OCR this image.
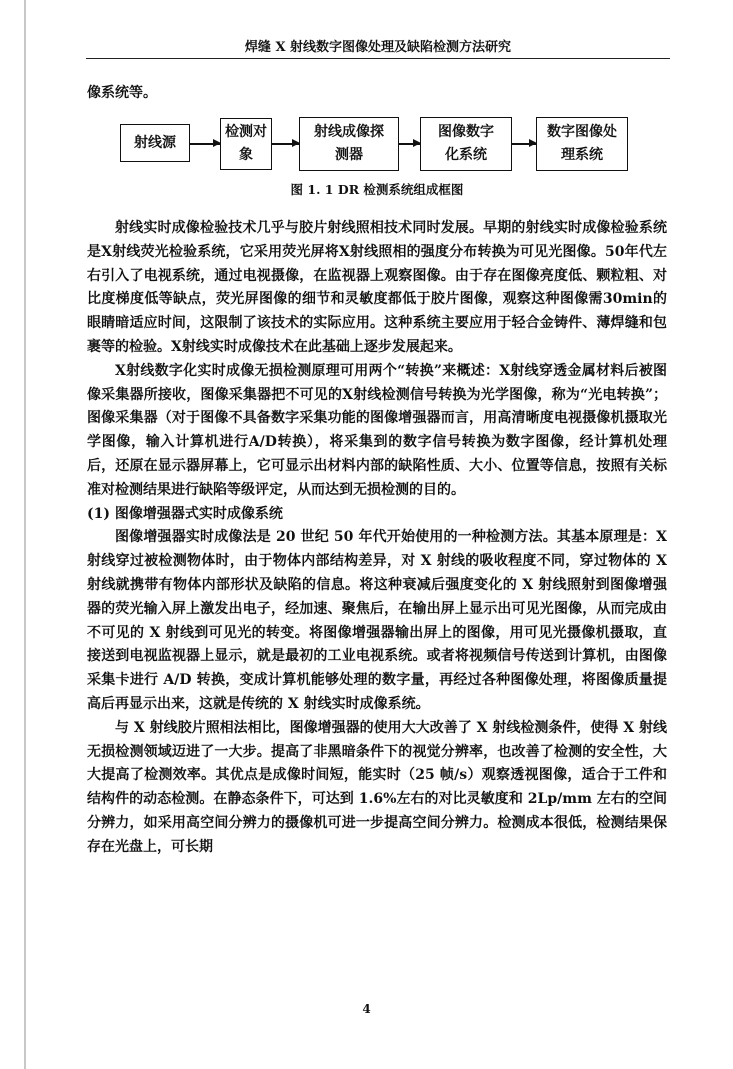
焊缝 X 射线数字图像处理及缺陷检测方法研究

像系统等。

射线源
检测对象
射线成像探测器
图像数字化系统
数字图像处理系统
图 1. 1 DR 检测系统组成框图

射线实时成像检验技术几乎与胶片射线照相技术同时发展。早期的射线实时成像检验系统是X射线荧光检验系统，它采用荧光屏将X射线照相的强度分布转换为可见光图像。50年代左右引入了电视系统，通过电视摄像，在监视器上观察图像。由于存在图像亮度低、颗粒粗、对比度梯度低等缺点，荧光屏图像的细节和灵敏度都低于胶片图像，观察这种图像需30min的眼睛暗适应时间，这限制了该技术的实际应用。这种系统主要应用于轻合金铸件、薄焊缝和包裹等的检验。X射线实时成像技术在此基础上逐步发展起来。

X射线数字化实时成像无损检测原理可用两个“转换”来概述：X射线穿透金属材料后被图像采集器所接收，图像采集器把不可见的X射线检测信号转换为光学图像，称为“光电转换”；图像采集器（对于图像不具备数字采集功能的图像增强器而言，用高清晰度电视摄像机摄取光学图像，输入计算机进行A/D转换），将采集到的数字信号转换为数字图像，经计算机处理后，还原在显示器屏幕上，它可显示出材料内部的缺陷性质、大小、位置等信息，按照有关标准对检测结果进行缺陷等级评定，从而达到无损检测的目的。

(1) 图像增强器式实时成像系统

图像增强器实时成像法是 20 世纪 50 年代开始使用的一种检测方法。其基本原理是：X 射线穿过被检测物体时，由于物体内部结构差异，对 X 射线的吸收程度不同，穿过物体的 X 射线就携带有物体内部形状及缺陷的信息。将这种衰减后强度变化的 X 射线照射到图像增强器的荧光输入屏上激发出电子，经加速、聚焦后，在输出屏上显示出可见光图像，从而完成由不可见的 X 射线到可见光的转变。将图像增强器输出屏上的图像，用可见光摄像机摄取，直接送到电视监视器上显示，就是最初的工业电视系统。或者将视频信号传送到计算机，由图像采集卡进行 A/D 转换，变成计算机能够处理的数字量，再经过各种图像处理，将图像质量提高后再显示出来，这就是传统的 X 射线实时成像系统。

与 X 射线胶片照相法相比，图像增强器的使用大大改善了 X 射线检测条件，使得 X 射线无损检测领域迈进了一大步。提高了非黑暗条件下的视觉分辨率，也改善了检测的安全性，大大提高了检测效率。其优点是成像时间短，能实时（25 帧/s）观察透视图像，适合于工件和结构件的动态检测。在静态条件下，可达到 1.6%左右的对比灵敏度和 2Lp/mm 左右的空间分辨力，如采用高空间分辨力的摄像机可进一步提高空间分辨力。检测成本很低，检测结果保存在光盘上，可长期

4
